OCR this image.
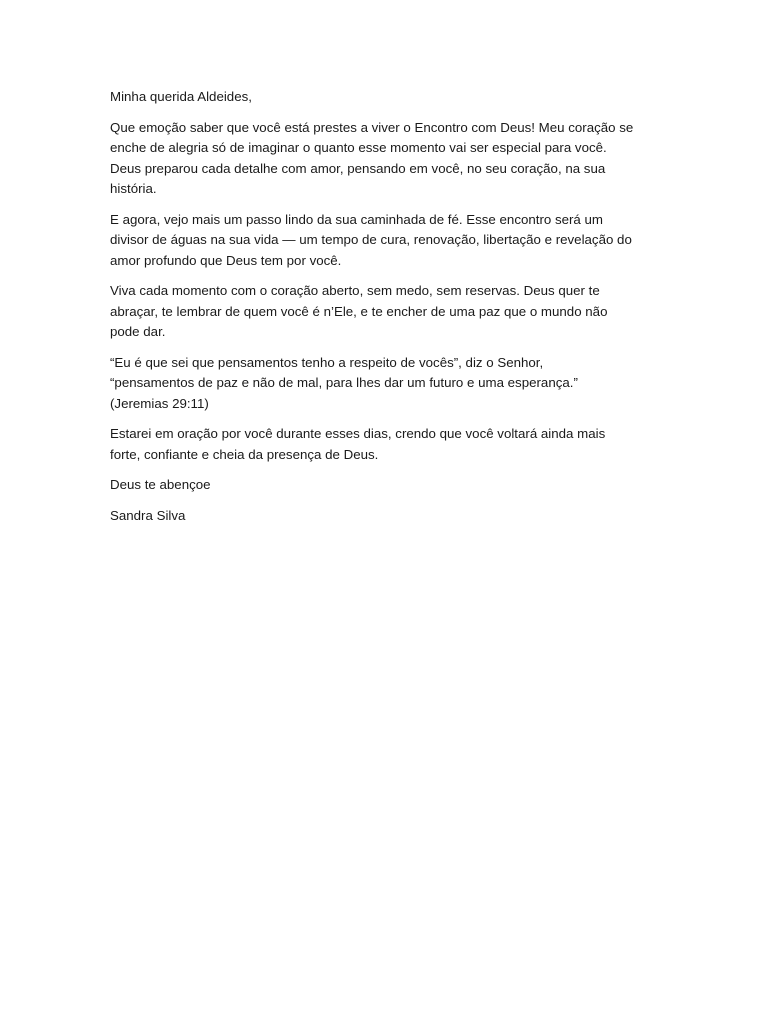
Minha querida Aldeides,

Que emoção saber que você está prestes a viver o Encontro com Deus! Meu coração se
enche de alegria só de imaginar o quanto esse momento vai ser especial para você.
Deus preparou cada detalhe com amor, pensando em você, no seu coração, na sua
história.

E agora, vejo mais um passo lindo da sua caminhada de fé. Esse encontro será um
divisor de águas na sua vida — um tempo de cura, renovação, libertação e revelação do
amor profundo que Deus tem por você.

Viva cada momento com o coração aberto, sem medo, sem reservas. Deus quer te
abraçar, te lembrar de quem você é n’Ele, e te encher de uma paz que o mundo não
pode dar.

“Eu é que sei que pensamentos tenho a respeito de vocês”, diz o Senhor,
“pensamentos de paz e não de mal, para lhes dar um futuro e uma esperança.”
(Jeremias 29:11)

Estarei em oração por você durante esses dias, crendo que você voltará ainda mais
forte, confiante e cheia da presença de Deus.

Deus te abençoe

Sandra Silva
